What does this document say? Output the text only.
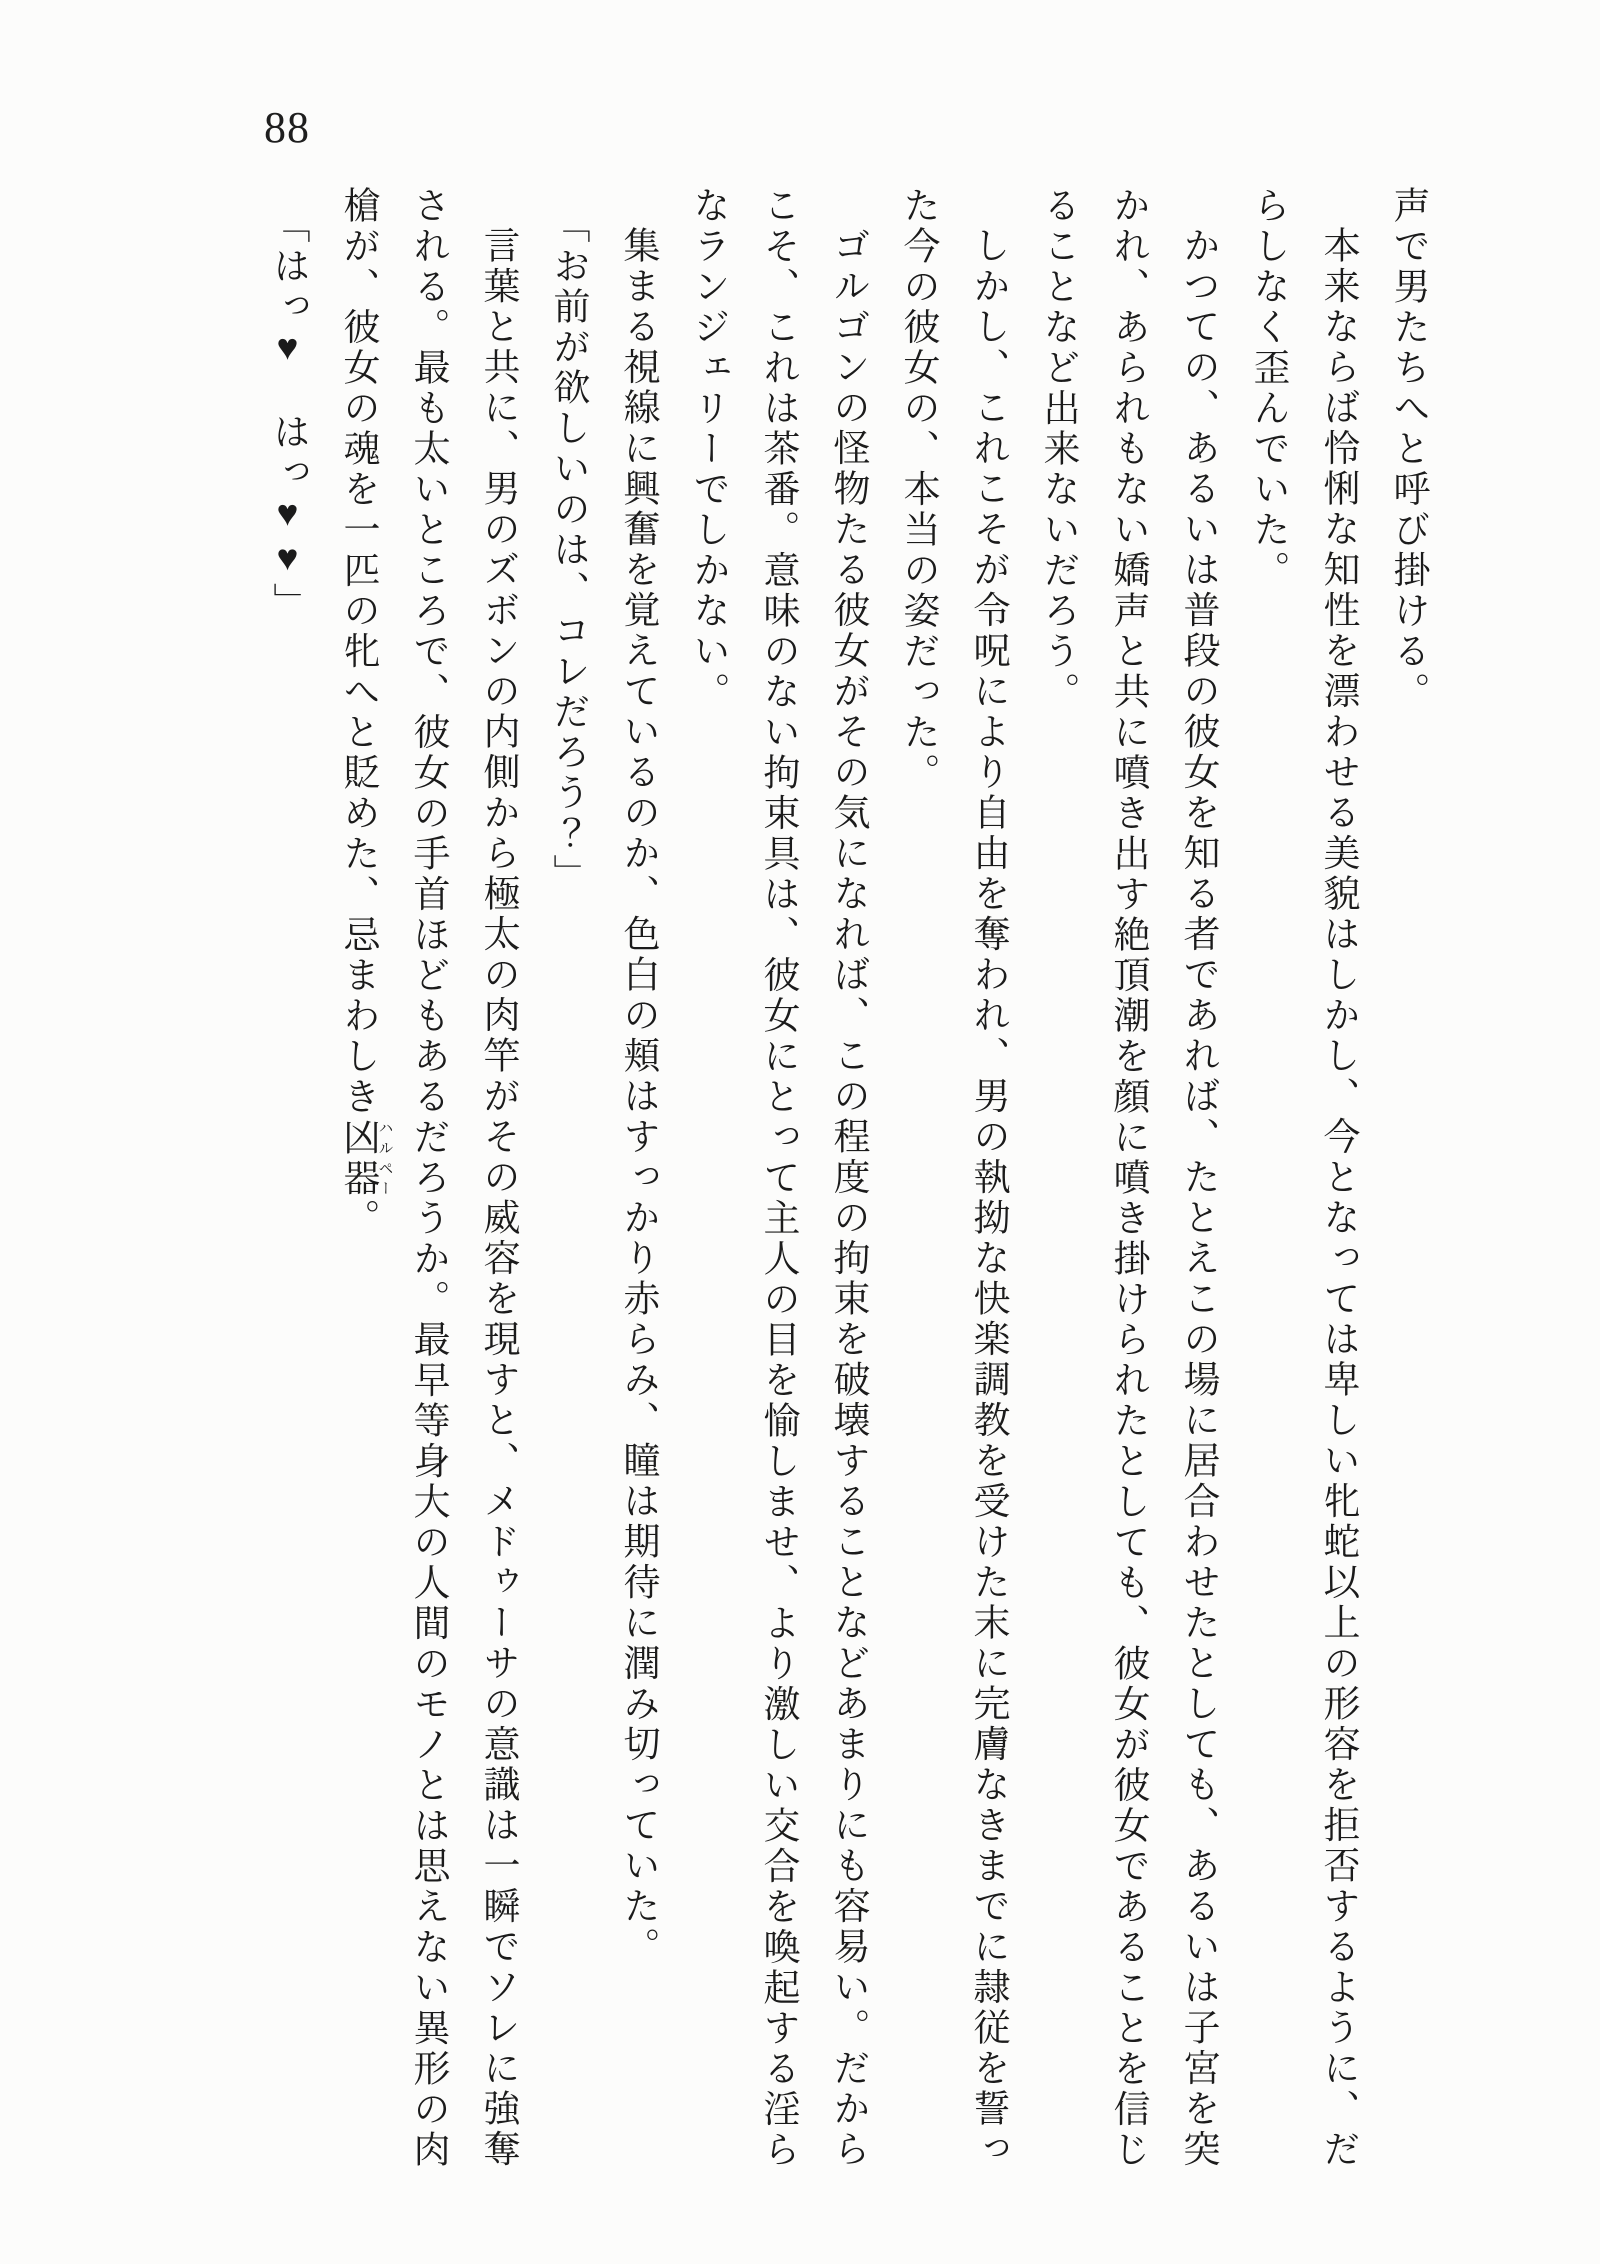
88

声で男たちへと呼び掛ける。

本来ならば怜悧な知性を漂わせる美貌はしかし、今となっては卑しい牝蛇以上の形容を拒否するように、だらしなく歪んでいた。

かつての、あるいは普段の彼女を知る者であれば、たとえこの場に居合わせたとしても、あるいは子宮を突かれ、あられもない嬌声と共に噴き出す絶頂潮を顔に噴き掛けられたとしても、彼女が彼女であることを信じることなど出来ないだろう。

しかし、これこそが令呪により自由を奪われ、男の執拗な快楽調教を受けた末に完膚なきまでに隷従を誓った今の彼女の、本当の姿だった。

ゴルゴンの怪物たる彼女がその気になれば、この程度の拘束を破壊することなどあまりにも容易い。だからこそ、これは茶番。意味のない拘束具は、彼女にとって主人の目を愉しませ、より激しい交合を喚起する淫らなランジェリーでしかない。

集まる視線に興奮を覚えているのか、色白の頬はすっかり赤らみ、瞳は期待に潤み切っていた。

「お前が欲しいのは、コレだろう？」

言葉と共に、男のズボンの内側から極太の肉竿がその威容を現すと、メドゥーサの意識は一瞬でソレに強奪される。最も太いところで、彼女の手首ほどもあるだろうか。最早等身大の人間のモノとは思えない異形の肉槍が、彼女の魂を一匹の牝へと貶めた、忌まわしき凶器ハルペー。

「はっ♥　はっ♥♥」
